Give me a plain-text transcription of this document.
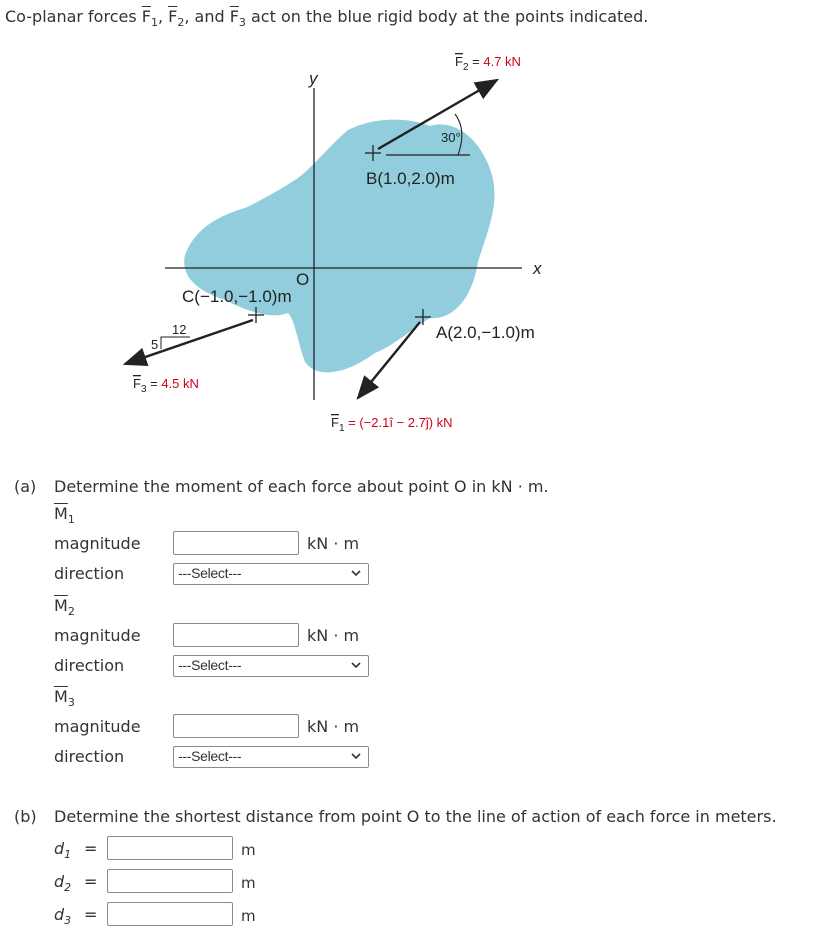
Co-planar forces $\overline{F}_1$, $\overline{F}_2$, and $\overline{F}_3$ act on the blue rigid body at the points indicated.
y
x
O
30°
B(1.0,2.0)m
$F_2 = 4.7$ kN
C(−1.0,−1.0)m
12
5
$F_3 = 4.5$ kN
A(2.0,−1.0)m
$F_1$ = (−2.1î − 2.7ĵ) kN
(a) Determine the moment of each force about point O in kN · m.
$\overline{M}_1$
magnitude	kN · m
direction	---Select---
$\overline{M}_2$
magnitude	kN · m
direction	---Select---
$\overline{M}_3$
magnitude	kN · m
direction	---Select---
(b) Determine the shortest distance from point O to the line of action of each force in meters.
$d_1$ =	m
$d_2$ =	m
$d_3$ =	m
